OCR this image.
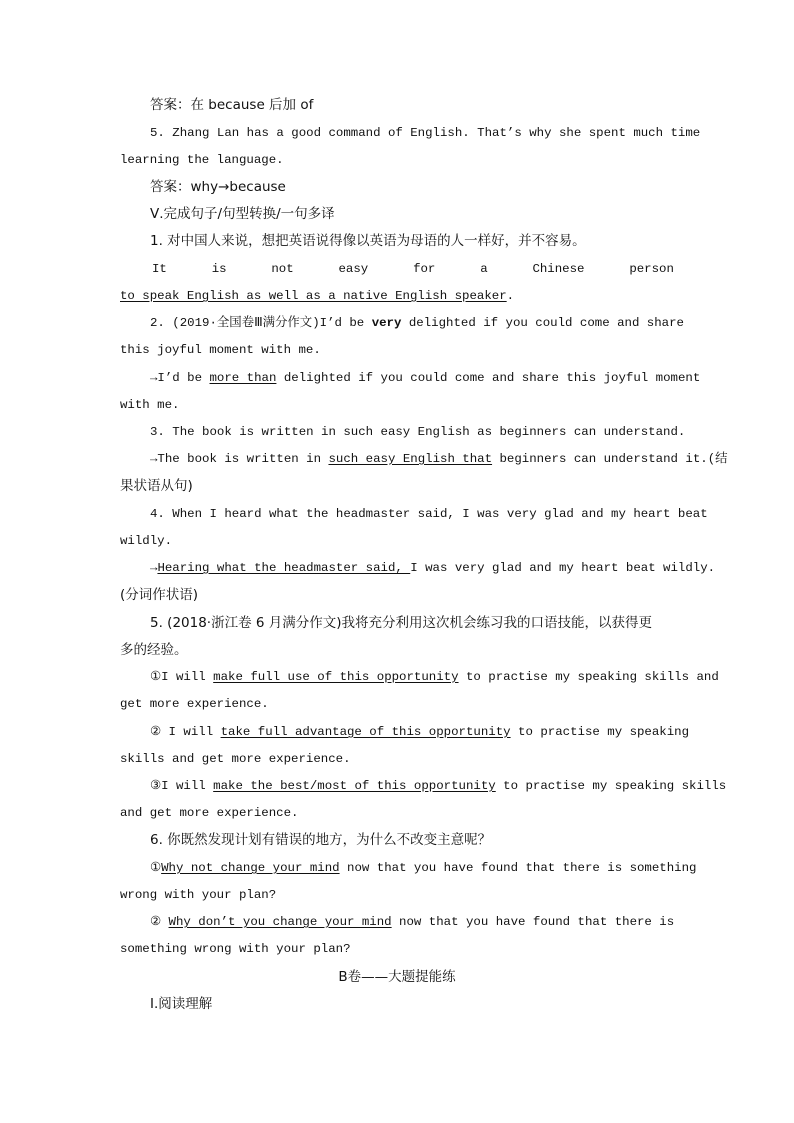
答案：在 because 后加 of
5. Zhang Lan has a good command of English. That’s why she spent much time
learning the language.
答案：why→because
Ⅴ.完成句子/句型转换/一句多译
1. 对中国人来说，想把英语说得像以英语为母语的人一样好，并不容易。
It	is	not	easy	for	a	Chinese	person
to speak English as well as a native English speaker.
2. (2019·全国卷Ⅲ满分作文)I’d be very delighted if you could come and share
this joyful moment with me.
→I’d be more than delighted if you could come and share this joyful moment
with me.
3. The book is written in such easy English as beginners can understand.
→The book is written in such easy English that beginners can understand it.(结
果状语从句)
4. When I heard what the headmaster said, I was very glad and my heart beat
wildly.
→Hearing what the headmaster said, I was very glad and my heart beat wildly.
(分词作状语)
5. (2018·浙江卷 6 月满分作文)我将充分利用这次机会练习我的口语技能，以获得更
多的经验。
①I will make full use of this opportunity to practise my speaking skills and
get more experience.
② I will take full advantage of this opportunity to practise my speaking
skills and get more experience.
③I will make the best/most of this opportunity to practise my speaking skills
and get more experience.
6. 你既然发现计划有错误的地方，为什么不改变主意呢？
①Why not change your mind now that you have found that there is something
wrong with your plan?
② Why don’t you change your mind now that you have found that there is
something wrong with your plan?
B卷——大题提能练
Ⅰ.阅读理解
